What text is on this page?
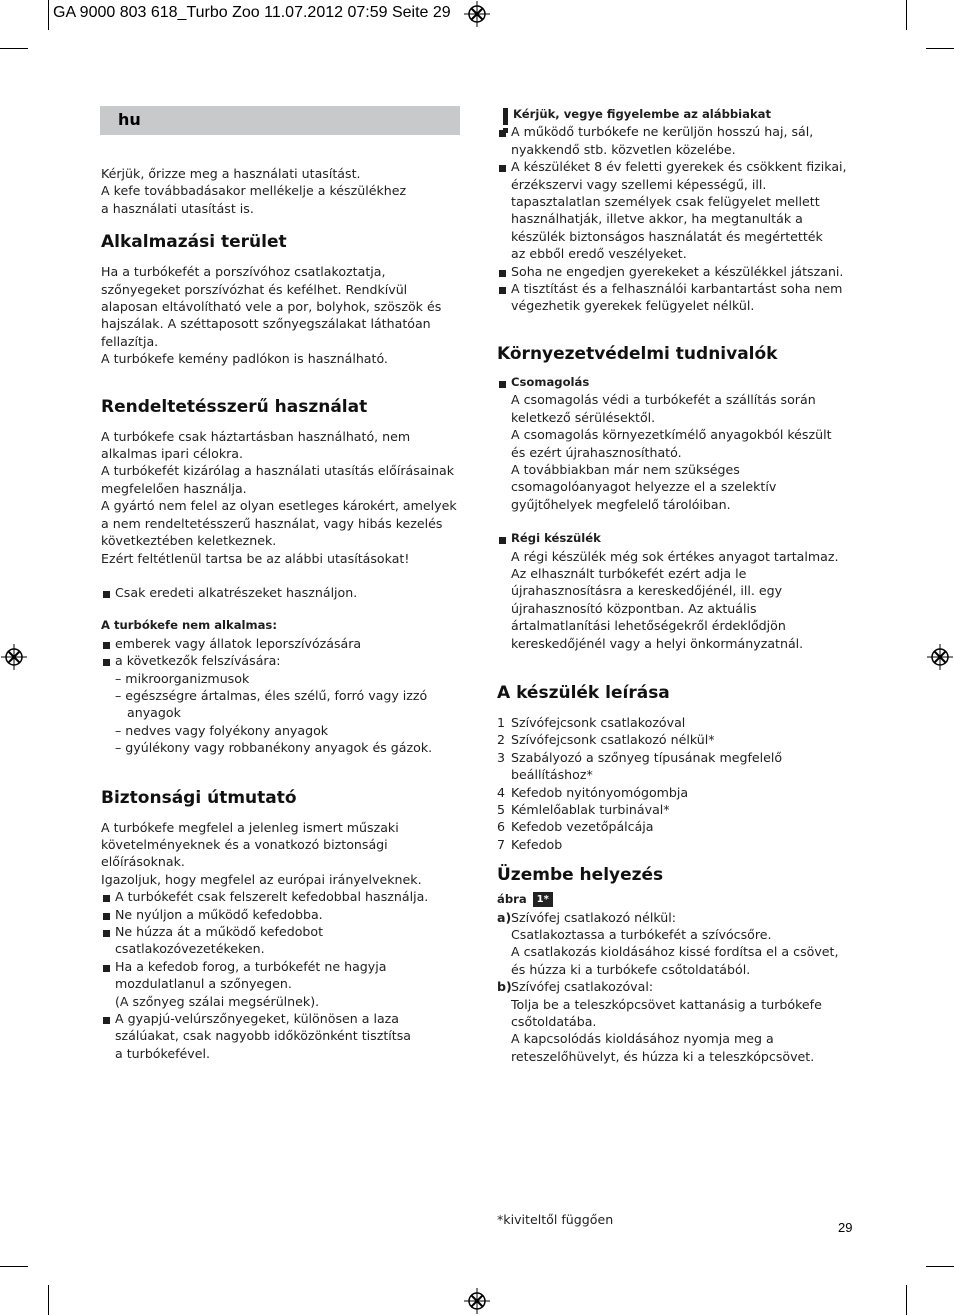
GA 9000 803 618_Turbo Zoo 11.07.2012 07:59 Seite 29
hu

Kérjük, őrizze meg a használati utasítást.

A kefe továbbadásakor mellékelje a készülékhez

a használati utasítást is.

Alkalmazási terület

Ha a turbókefét a porszívóhoz csatlakoztatja,

szőnyegeket porszívózhat és kefélhet. Rendkívül

alaposan eltávolítható vele a por, bolyhok, szöszök és

hajszálak. A széttaposott szőnyegszálakat láthatóan

fellazítja.

A turbókefe kemény padlókon is használható.

Rendeltetésszerű használat

A turbókefe csak háztartásban használható, nem

alkalmas ipari célokra.

A turbókefét kizárólag a használati utasítás előírásainak

megfelelően használja.

A gyártó nem felel az olyan esetleges károkért, amelyek

a nem rendeltetésszerű használat, vagy hibás kezelés

következtében keletkeznek.

Ezért feltétlenül tartsa be az alábbi utasításokat!

Csak eredeti alkatrészeket használjon.

A turbókefe nem alkalmas:

emberek vagy állatok leporszívózására

a következők felszívására:

– mikroorganizmusok

– egészségre ártalmas, éles szélű, forró vagy izzó

anyagok

– nedves vagy folyékony anyagok

– gyúlékony vagy robbanékony anyagok és gázok.

Biztonsági útmutató

A turbókefe megfelel a jelenleg ismert műszaki

követelményeknek és a vonatkozó biztonsági

előírásoknak.

Igazoljuk, hogy megfelel az európai irányelveknek.

A turbókefét csak felszerelt kefedobbal használja.

Ne nyúljon a működő kefedobba.

Ne húzza át a működő kefedobot

csatlakozóvezetékeken.

Ha a kefedob forog, a turbókefét ne hagyja

mozdulatlanul a szőnyegen.

(A szőnyeg szálai megsérülnek).

A gyapjú-velúrszőnyegeket, különösen a laza

szálúakat, csak nagyobb időközönként tisztítsa

a turbókefével.

Kérjük, vegye figyelembe az alábbiakat

A működő turbókefe ne kerüljön hosszú haj, sál,

nyakkendő stb. közvetlen közelébe.

A készüléket 8 év feletti gyerekek és csökkent fizikai,

érzékszervi vagy szellemi képességű, ill.

tapasztalatlan személyek csak felügyelet mellett

használhatják, illetve akkor, ha megtanulták a

készülék biztonságos használatát és megértették

az ebből eredő veszélyeket.

Soha ne engedjen gyerekeket a készülékkel játszani.

A tisztítást és a felhasználói karbantartást soha nem

végezhetik gyerekek felügyelet nélkül.

Környezetvédelmi tudnivalók

Csomagolás

A csomagolás védi a turbókefét a szállítás során

keletkező sérülésektől.

A csomagolás környezetkímélő anyagokból készült

és ezért újrahasznosítható.

A továbbiakban már nem szükséges

csomagolóanyagot helyezze el a szelektív

gyűjtőhelyek megfelelő tárolóiban.

Régi készülék

A régi készülék még sok értékes anyagot tartalmaz.

Az elhasznált turbókefét ezért adja le

újrahasznosításra a kereskedőjénél, ill. egy

újrahasznosító központban. Az aktuális

ártalmatlanítási lehetőségekről érdeklődjön

kereskedőjénél vagy a helyi önkormányzatnál.

A készülék leírása

1 Szívófejcsonk csatlakozóval

2 Szívófejcsonk csatlakozó nélkül*

3 Szabályozó a szőnyeg típusának megfelelő

beállításhoz*

4 Kefedob nyitónyomógombja

5 Kémlelőablak turbinával*

6 Kefedob vezetőpálcája

7 Kefedob

Üzembe helyezés

ábra 1*

a) Szívófej csatlakozó nélkül:

Csatlakoztassa a turbókefét a szívócsőre.

A csatlakozás kioldásához kissé fordítsa el a csövet,

és húzza ki a turbókefe csőtoldatából.

b) Szívófej csatlakozóval:

Tolja be a teleszkópcsövet kattanásig a turbókefe

csőtoldatába.

A kapcsolódás kioldásához nyomja meg a

reteszelőhüvelyt, és húzza ki a teleszkópcsövet.

*kiviteltől függően
29
